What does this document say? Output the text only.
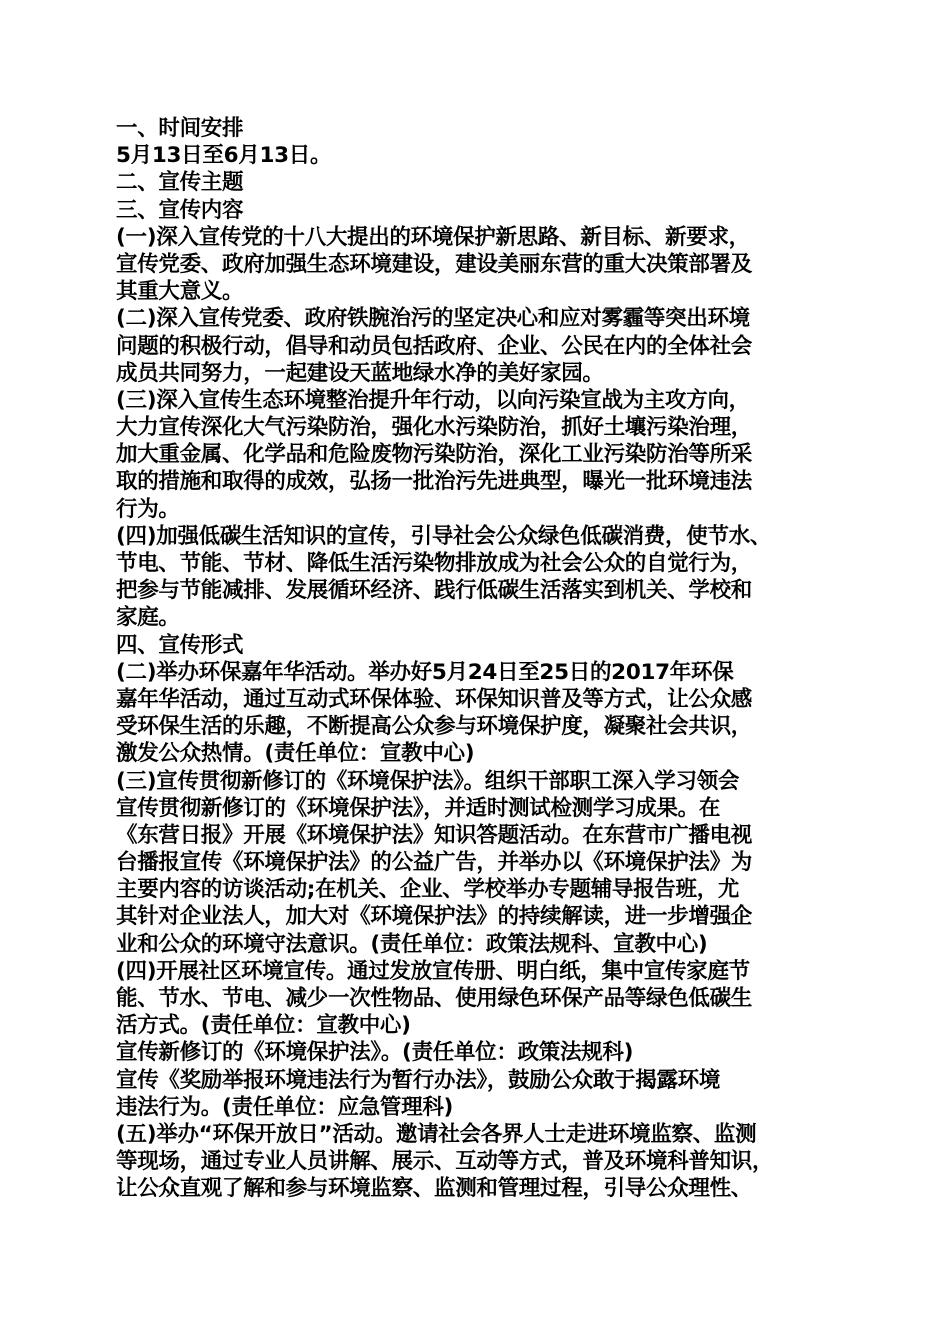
一、时间安排
5月13日至6月13日。
二、宣传主题
三、宣传内容
(一)深入宣传党的十八大提出的环境保护新思路、新目标、新要求，
宣传党委、政府加强生态环境建设，建设美丽东营的重大决策部署及
其重大意义。
(二)深入宣传党委、政府铁腕治污的坚定决心和应对雾霾等突出环境
问题的积极行动，倡导和动员包括政府、企业、公民在内的全体社会
成员共同努力，一起建设天蓝地绿水净的美好家园。
(三)深入宣传生态环境整治提升年行动，以向污染宣战为主攻方向，
大力宣传深化大气污染防治，强化水污染防治，抓好土壤污染治理，
加大重金属、化学品和危险废物污染防治，深化工业污染防治等所采
取的措施和取得的成效，弘扬一批治污先进典型，曝光一批环境违法
行为。
(四)加强低碳生活知识的宣传，引导社会公众绿色低碳消费，使节水、
节电、节能、节材、降低生活污染物排放成为社会公众的自觉行为，
把参与节能减排、发展循环经济、践行低碳生活落实到机关、学校和
家庭。
四、宣传形式
(二)举办环保嘉年华活动。举办好5月24日至25日的2017年环保
嘉年华活动，通过互动式环保体验、环保知识普及等方式，让公众感
受环保生活的乐趣，不断提高公众参与环境保护度，凝聚社会共识，
激发公众热情。(责任单位：宣教中心)
(三)宣传贯彻新修订的《环境保护法》。组织干部职工深入学习领会
宣传贯彻新修订的《环境保护法》，并适时测试检测学习成果。在
《东营日报》开展《环境保护法》知识答题活动。在东营市广播电视
台播报宣传《环境保护法》的公益广告，并举办以《环境保护法》为
主要内容的访谈活动;在机关、企业、学校举办专题辅导报告班，尤
其针对企业法人，加大对《环境保护法》的持续解读，进一步增强企
业和公众的环境守法意识。(责任单位：政策法规科、宣教中心)
(四)开展社区环境宣传。通过发放宣传册、明白纸，集中宣传家庭节
能、节水、节电、减少一次性物品、使用绿色环保产品等绿色低碳生
活方式。(责任单位：宣教中心)
宣传新修订的《环境保护法》。(责任单位：政策法规科)
宣传《奖励举报环境违法行为暂行办法》，鼓励公众敢于揭露环境
违法行为。(责任单位：应急管理科)
(五)举办“环保开放日”活动。邀请社会各界人士走进环境监察、监测
等现场，通过专业人员讲解、展示、互动等方式，普及环境科普知识，
让公众直观了解和参与环境监察、监测和管理过程，引导公众理性、
